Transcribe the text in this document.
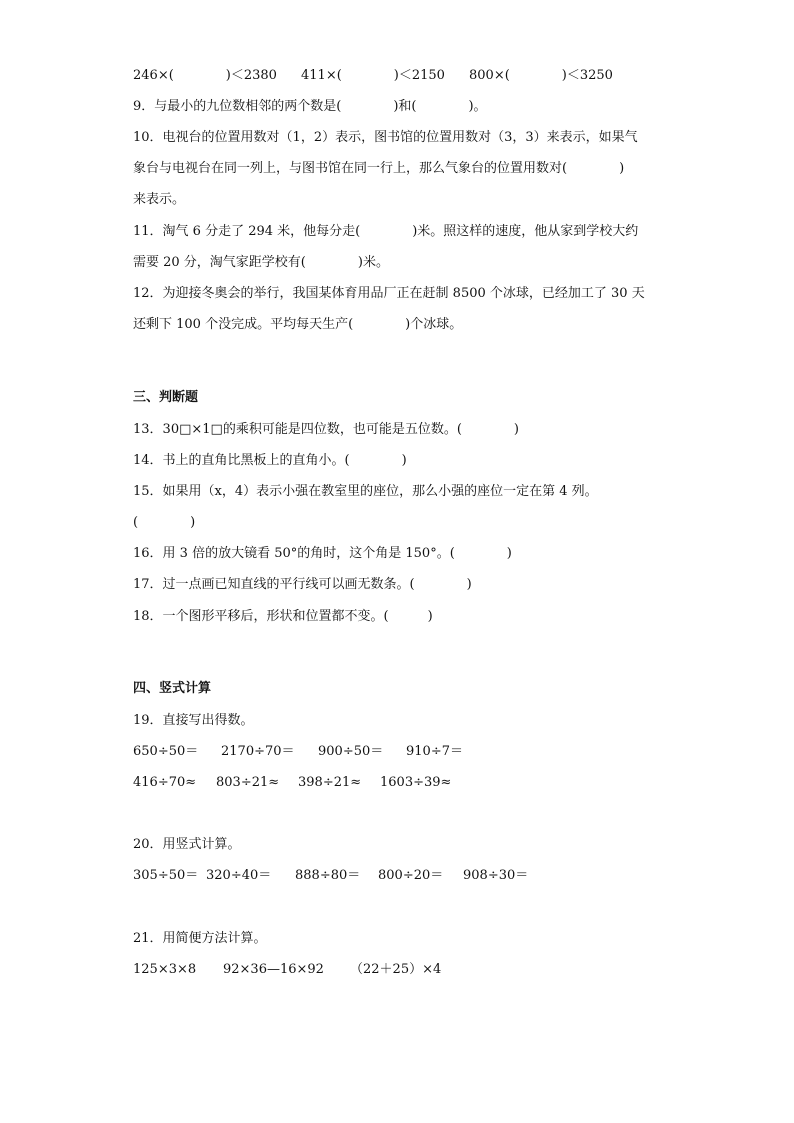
246×(　　　　)＜2380 411×(　　　　)＜2150 800×(　　　　)＜3250
9．与最小的九位数相邻的两个数是(　　　　)和(　　　　)。
10．电视台的位置用数对（1，2）表示，图书馆的位置用数对（3，3）来表示，如果气
象台与电视台在同一列上，与图书馆在同一行上，那么气象台的位置用数对(　　　　)
来表示。
11．淘气 6 分走了 294 米，他每分走(　　　　)米。照这样的速度，他从家到学校大约
需要 20 分，淘气家距学校有(　　　　)米。
12．为迎接冬奥会的举行，我国某体育用品厂正在赶制 8500 个冰球，已经加工了 30 天
还剩下 100 个没完成。平均每天生产(　　　　)个冰球。
三、判断题
13．30□×1□的乘积可能是四位数，也可能是五位数。(　　　　)
14．书上的直角比黑板上的直角小。(　　　　)
15．如果用（x，4）表示小强在教室里的座位，那么小强的座位一定在第 4 列。
(　　　　)
16．用 3 倍的放大镜看 50°的角时，这个角是 150°。(　　　　)
17．过一点画已知直线的平行线可以画无数条。(　　　　)
18．一个图形平移后，形状和位置都不变。(　　　)
四、竖式计算
19．直接写出得数。
650÷50＝ 2170÷70＝ 900÷50＝ 910÷7＝
416÷70≈ 803÷21≈ 398÷21≈ 1603÷39≈
20．用竖式计算。
305÷50＝ 320÷40＝ 888÷80＝ 800÷20＝ 908÷30＝
21．用简便方法计算。
125×3×8 92×36—16×92 （22＋25）×4
